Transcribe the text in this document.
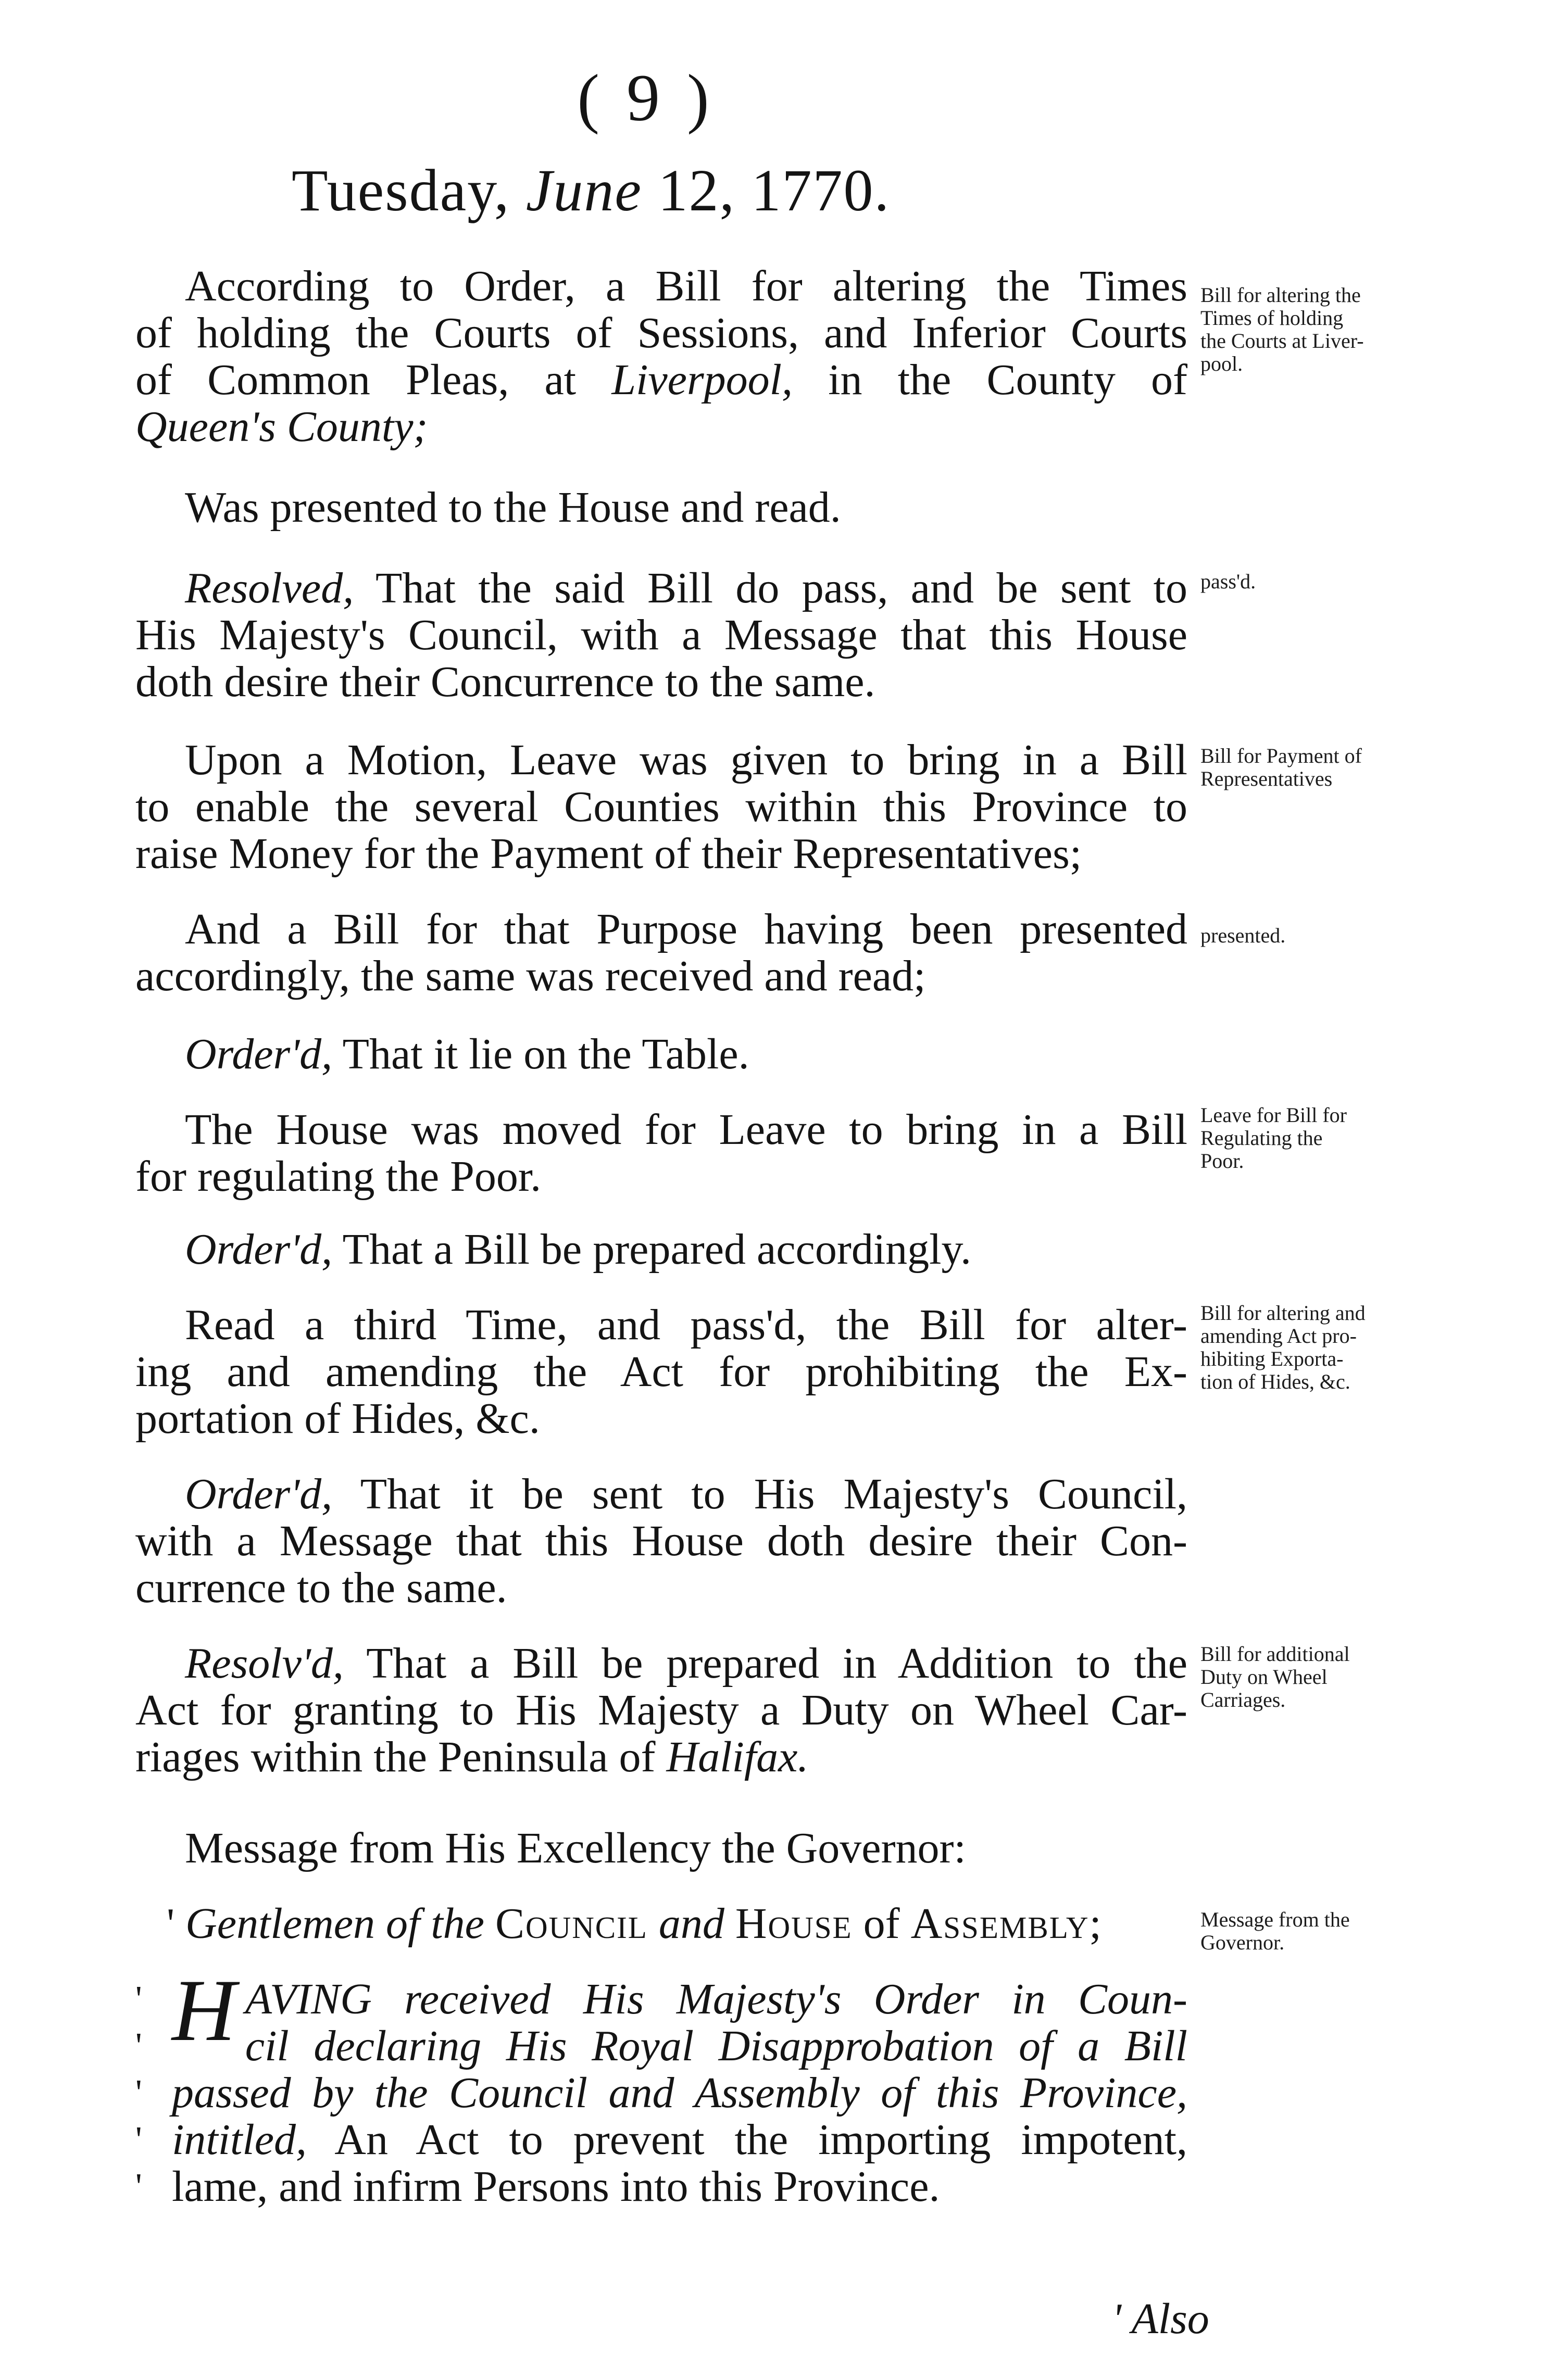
( 9 )
Tuesday, June 12, 1770.

According to Order, a Bill for altering the Times
of holding the Courts of Sessions, and Inferior Courts
of Common Pleas, at Liverpool, in the County of
Queen's County;

Was presented to the House and read.

Resolved, That the said Bill do pass, and be sent to
His Majesty's Council, with a Message that this House
doth desire their Concurrence to the same.

Upon a Motion, Leave was given to bring in a Bill
to enable the several Counties within this Province to
raise Money for the Payment of their Representatives;

And a Bill for that Purpose having been presented
accordingly, the same was received and read;

Order'd, That it lie on the Table.

The House was moved for Leave to bring in a Bill
for regulating the Poor.

Order'd, That a Bill be prepared accordingly.

Read a third Time, and pass'd, the Bill for alter-
ing and amending the Act for prohibiting the Ex-
portation of Hides, &c.

Order'd, That it be sent to His Majesty's Council,
with a Message that this House doth desire their Con-
currence to the same.

Resolv'd, That a Bill be prepared in Addition to the
Act for granting to His Majesty a Duty on Wheel Car-
riages within the Peninsula of Halifax.

Message from His Excellency the Governor:

' Gentlemen of the Council and House of Assembly;

'
'
'
'
'
H AVING received His Majesty's Order in Coun-
cil declaring His Royal Disapprobation of a Bill
passed by the Council and Assembly of this Province,
intitled, An Act to prevent the importing impotent,
lame, and infirm Persons into this Province.
' Also
Bill for altering the
Times of holding
the Courts at Liver-
pool.
pass'd.
Bill for Payment of
Representatives
presented.
Leave for Bill for
Regulating the
Poor.
Bill for altering and
amending Act pro-
hibiting Exporta-
tion of Hides, &c.
Bill for additional
Duty on Wheel
Carriages.
Message from the
Governor.
